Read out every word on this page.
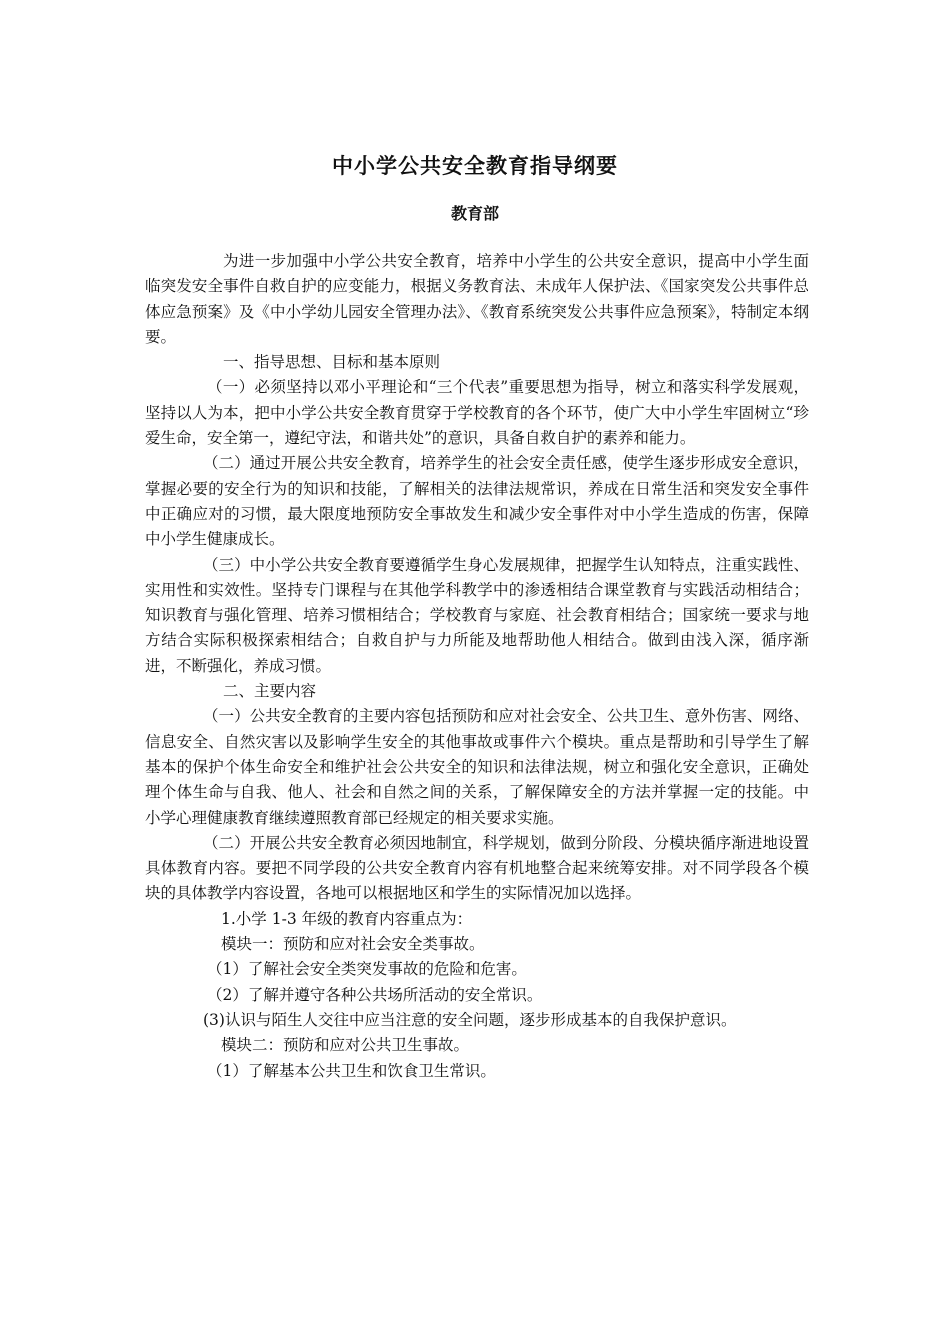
中小学公共安全教育指导纲要
教育部

为进一步加强中小学公共安全教育，培养中小学生的公共安全意识，提高中小学生面临突发安全事件自救自护的应变能力，根据义务教育法、未成年人保护法、《国家突发公共事件总体应急预案》及《中小学幼儿园安全管理办法》、《教育系统突发公共事件应急预案》，特制定本纲要。

一、指导思想、目标和基本原则

（一）必须坚持以邓小平理论和“三个代表”重要思想为指导，树立和落实科学发展观，坚持以人为本，把中小学公共安全教育贯穿于学校教育的各个环节，使广大中小学生牢固树立“珍爱生命，安全第一，遵纪守法，和谐共处”的意识，具备自救自护的素养和能力。

（二）通过开展公共安全教育，培养学生的社会安全责任感，使学生逐步形成安全意识，掌握必要的安全行为的知识和技能，了解相关的法律法规常识，养成在日常生活和突发安全事件中正确应对的习惯，最大限度地预防安全事故发生和减少安全事件对中小学生造成的伤害，保障中小学生健康成长。

（三）中小学公共安全教育要遵循学生身心发展规律，把握学生认知特点，注重实践性、实用性和实效性。坚持专门课程与在其他学科教学中的渗透相结合课堂教育与实践活动相结合；知识教育与强化管理、培养习惯相结合；学校教育与家庭、社会教育相结合；国家统一要求与地方结合实际积极探索相结合；自救自护与力所能及地帮助他人相结合。做到由浅入深，循序渐进，不断强化，养成习惯。

二、主要内容

（一）公共安全教育的主要内容包括预防和应对社会安全、公共卫生、意外伤害、网络、信息安全、自然灾害以及影响学生安全的其他事故或事件六个模块。重点是帮助和引导学生了解基本的保护个体生命安全和维护社会公共安全的知识和法律法规，树立和强化安全意识，正确处理个体生命与自我、他人、社会和自然之间的关系，了解保障安全的方法并掌握一定的技能。中小学心理健康教育继续遵照教育部已经规定的相关要求实施。

（二）开展公共安全教育必须因地制宜，科学规划，做到分阶段、分模块循序渐进地设置具体教育内容。要把不同学段的公共安全教育内容有机地整合起来统筹安排。对不同学段各个模块的具体教学内容设置，各地可以根据地区和学生的实际情况加以选择。

1.小学 1-3 年级的教育内容重点为：

模块一：预防和应对社会安全类事故。

（1）了解社会安全类突发事故的危险和危害。

（2）了解并遵守各种公共场所活动的安全常识。

(3)认识与陌生人交往中应当注意的安全问题，逐步形成基本的自我保护意识。

模块二：预防和应对公共卫生事故。

（1）了解基本公共卫生和饮食卫生常识。
